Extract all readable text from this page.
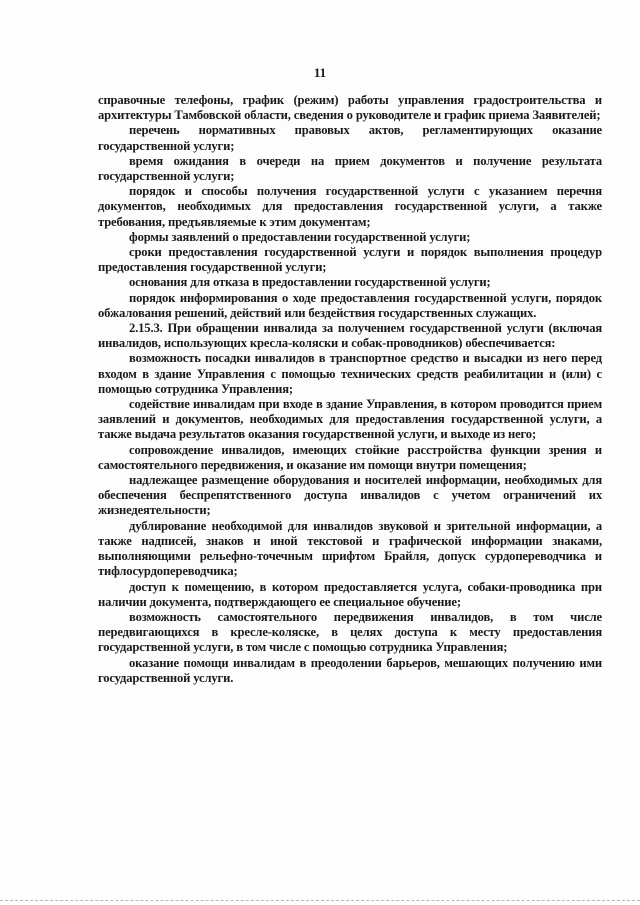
11

справочные телефоны, график (режим) работы управления градостроительства и архитектуры Тамбовской области, сведения о руководителе и график приема Заявителей;

перечень нормативных правовых актов, регламентирующих оказание государственной услуги;

время ожидания в очереди на прием документов и получение результата государственной услуги;

порядок и способы получения государственной услуги с указанием перечня документов, необходимых для предоставления государственной услуги, а также требования, предъявляемые к этим документам;

формы заявлений о предоставлении государственной услуги;

сроки предоставления государственной услуги и порядок выполнения процедур предоставления государственной услуги;

основания для отказа в предоставлении государственной услуги;

порядок информирования о ходе предоставления государственной услуги, порядок обжалования решений, действий или бездействия государственных служащих.

2.15.3. При обращении инвалида за получением государственной услуги (включая инвалидов, использующих кресла-коляски и собак-проводников) обеспечивается:

возможность посадки инвалидов в транспортное средство и высадки из него перед входом в здание Управления с помощью технических средств реабилитации и (или) с помощью сотрудника Управления;

содействие инвалидам при входе в здание Управления, в котором проводится прием заявлений и документов, необходимых для предоставления государственной услуги, а также выдача результатов оказания государственной услуги, и выходе из него;

сопровождение инвалидов, имеющих стойкие расстройства функции зрения и самостоятельного передвижения, и оказание им помощи внутри помещения;

надлежащее размещение оборудования и носителей информации, необходимых для обеспечения беспрепятственного доступа инвалидов с учетом ограничений их жизнедеятельности;

дублирование необходимой для инвалидов звуковой и зрительной информации, а также надписей, знаков и иной текстовой и графической информации знаками, выполняющими рельефно-точечным шрифтом Брайля, допуск сурдопереводчика и тифлосурдопереводчика;

доступ к помещению, в котором предоставляется услуга, собаки-проводника при наличии документа, подтверждающего ее специальное обучение;

возможность самостоятельного передвижения инвалидов, в том числе передвигающихся в кресле-коляске, в целях доступа к месту предоставления государственной услуги, в том числе с помощью сотрудника Управления;

оказание помощи инвалидам в преодолении барьеров, мешающих получению ими государственной услуги.
